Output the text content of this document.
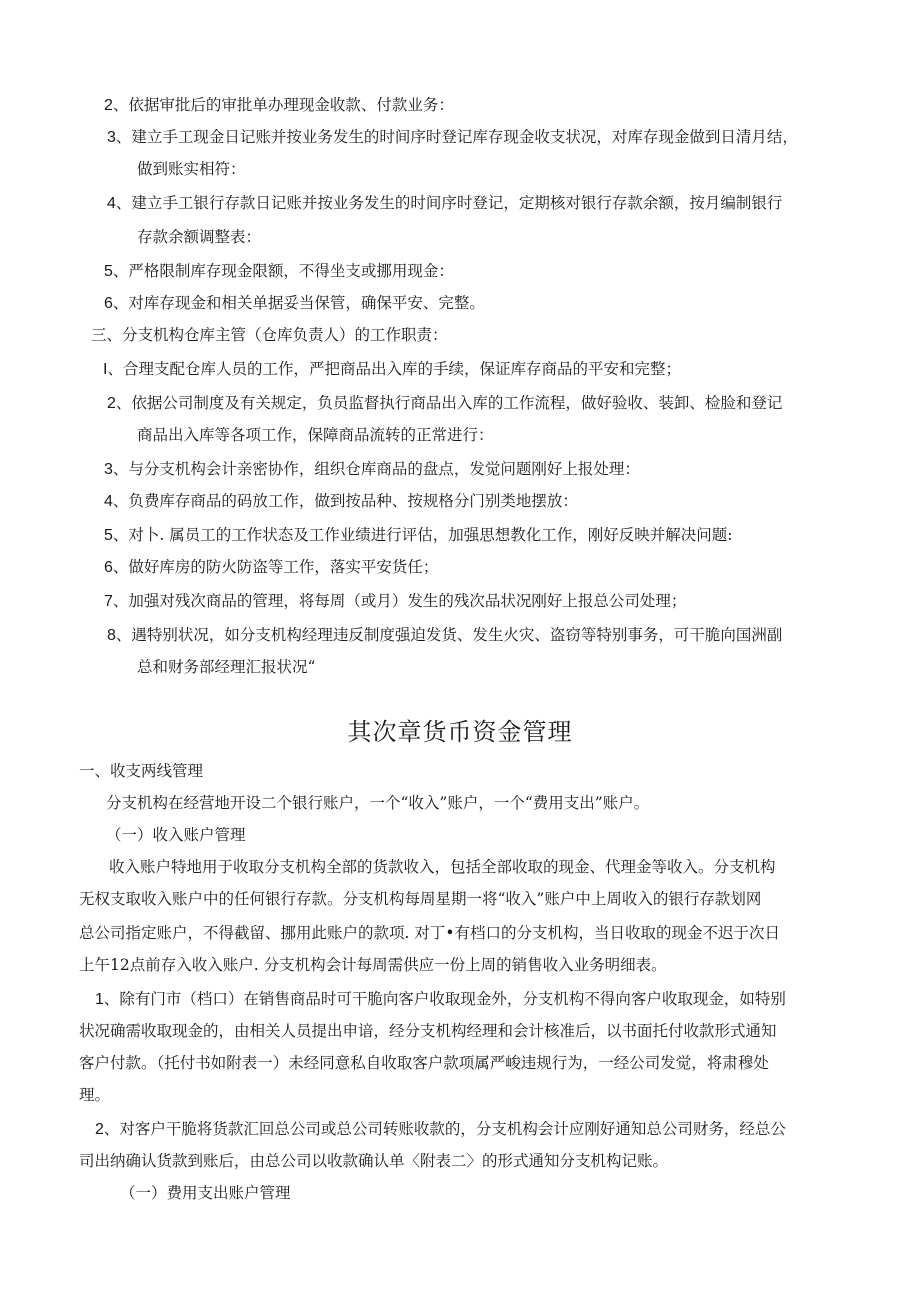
2、依据审批后的审批单办理现金收款、付款业务：
3、建立手工现金日记账并按业务发生的时间序时登记库存现金收支状况，对库存现金做到日清月结，
做到账实相符：
4、建立手工银行存款日记账并按业务发生的时间序时登记，定期核对银行存款余额，按月编制银行
存款余额调整表：
5、严格限制库存现金限额，不得坐支或挪用现金：
6、对库存现金和相关单据妥当保管，确保平安、完整。
三、分支机构仓库主管（仓库负责人）的工作职责：
I、合理支配仓库人员的工作，严把商品出入库的手续，保证库存商品的平安和完整；
2、依据公司制度及有关规定，负员监督执行商品出入库的工作流程，做好验收、装卸、检脸和登记
商品出入库等各项工作，保障商品流转的正常进行：
3、与分支机构会计亲密协作，组织仓库商品的盘点，发觉问题刚好上报处理：
4、负费库存商品的码放工作，做到按品种、按规格分门别类地摆放：
5、对卜. 属员工的工作状态及工作业绩进行评估，加强思想教化工作，刚好反映并解决问题:
6、做好库房的防火防盗等工作，落实平安货任；
7、加强对残次商品的管理，将每周（或月）发生的残次品状况刚好上报总公司处理；
8、遇特别状况，如分支机构经理违反制度强迫发货、发生火灾、盗窃等特别事务，可干脆向国洲副
总和财务部经理汇报状况“
其次章货币资金管理
一、收支两线管理
分支机构在经营地开设二个银行账户，一个“收入”账户，一个“费用支出”账户。
（一）收入账户管理
收入账户特地用于收取分支机构全部的货款收入，包括全部收取的现金、代理金等收入。分支机构
无权支取收入账户中的任何银行存款。分支机构每周星期一将“收入”账户中上周收入的银行存款划网
总公司指定账户，不得截留、挪用此账户的款项. 对丁•有档口的分支机构，当日收取的现金不迟于次日
上午12点前存入收入账户. 分支机构会计每周需供应一份上周的销售收入业务明细表。
1、除有门市（档口）在销售商品时可干脆向客户收取现金外，分支机构不得向客户收取现金，如特别
状况确需收取现金的，由相关人员提出申谙，经分支机构经理和会计核准后，以书面托付收款形式通知
客户付款。（托付书如附表一）未经同意私自收取客户款项属严峻违规行为，一经公司发觉，将肃穆处
理。
2、对客户干脆将货款汇回总公司或总公司转账收款的，分支机构会计应刚好通知总公司财务，经总公
司出纳确认货款到账后，由总公司以收款确认单〈附表二〉的形式通知分支机构记账。
（一）费用支出账户管理
